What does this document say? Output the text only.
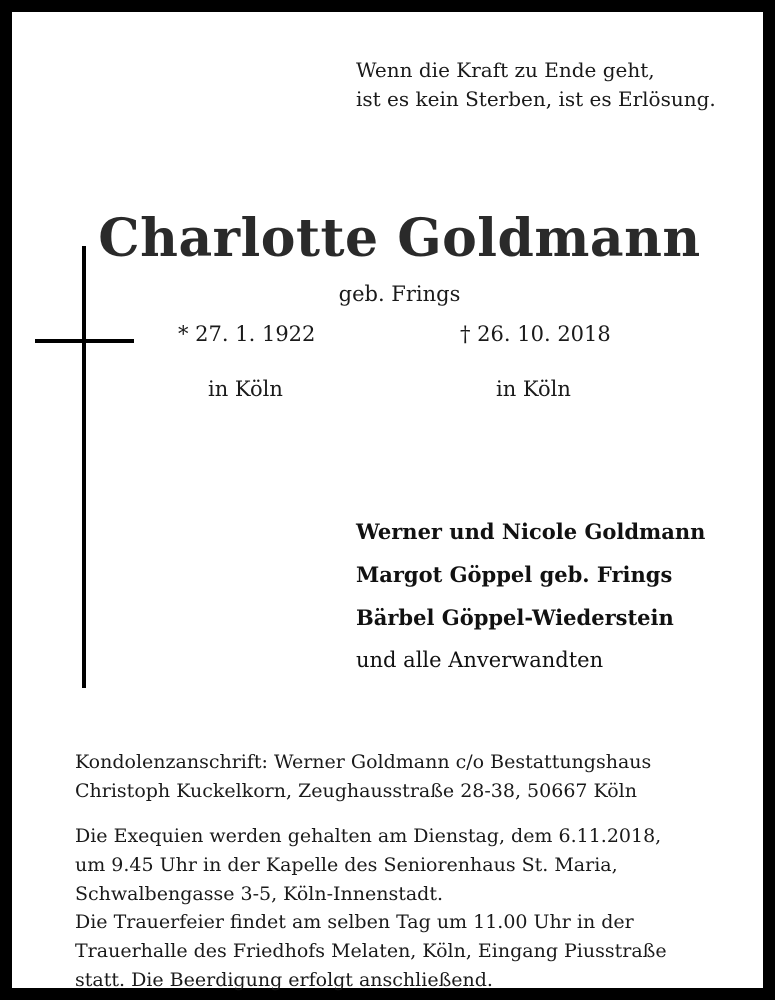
Wenn die Kraft zu Ende geht,
ist es kein Sterben, ist es Erlösung.
Charlotte Goldmann
geb. Frings
* 27. 1. 1922	† 26. 10. 2018
in Köln	in Köln
Werner und Nicole Goldmann
Margot Göppel geb. Frings
Bärbel Göppel-Wiederstein
und alle Anverwandten
Kondolenzanschrift: Werner Goldmann c/o Bestattungshaus
Christoph Kuckelkorn, Zeughausstraße 28-38, 50667 Köln
Die Exequien werden gehalten am Dienstag, dem 6.11.2018,
um 9.45 Uhr in der Kapelle des Seniorenhaus St. Maria,
Schwalbengasse 3-5, Köln-Innenstadt.
Die Trauerfeier findet am selben Tag um 11.00 Uhr in der
Trauerhalle des Friedhofs Melaten, Köln, Eingang Piusstraße
statt. Die Beerdigung erfolgt anschließend.
